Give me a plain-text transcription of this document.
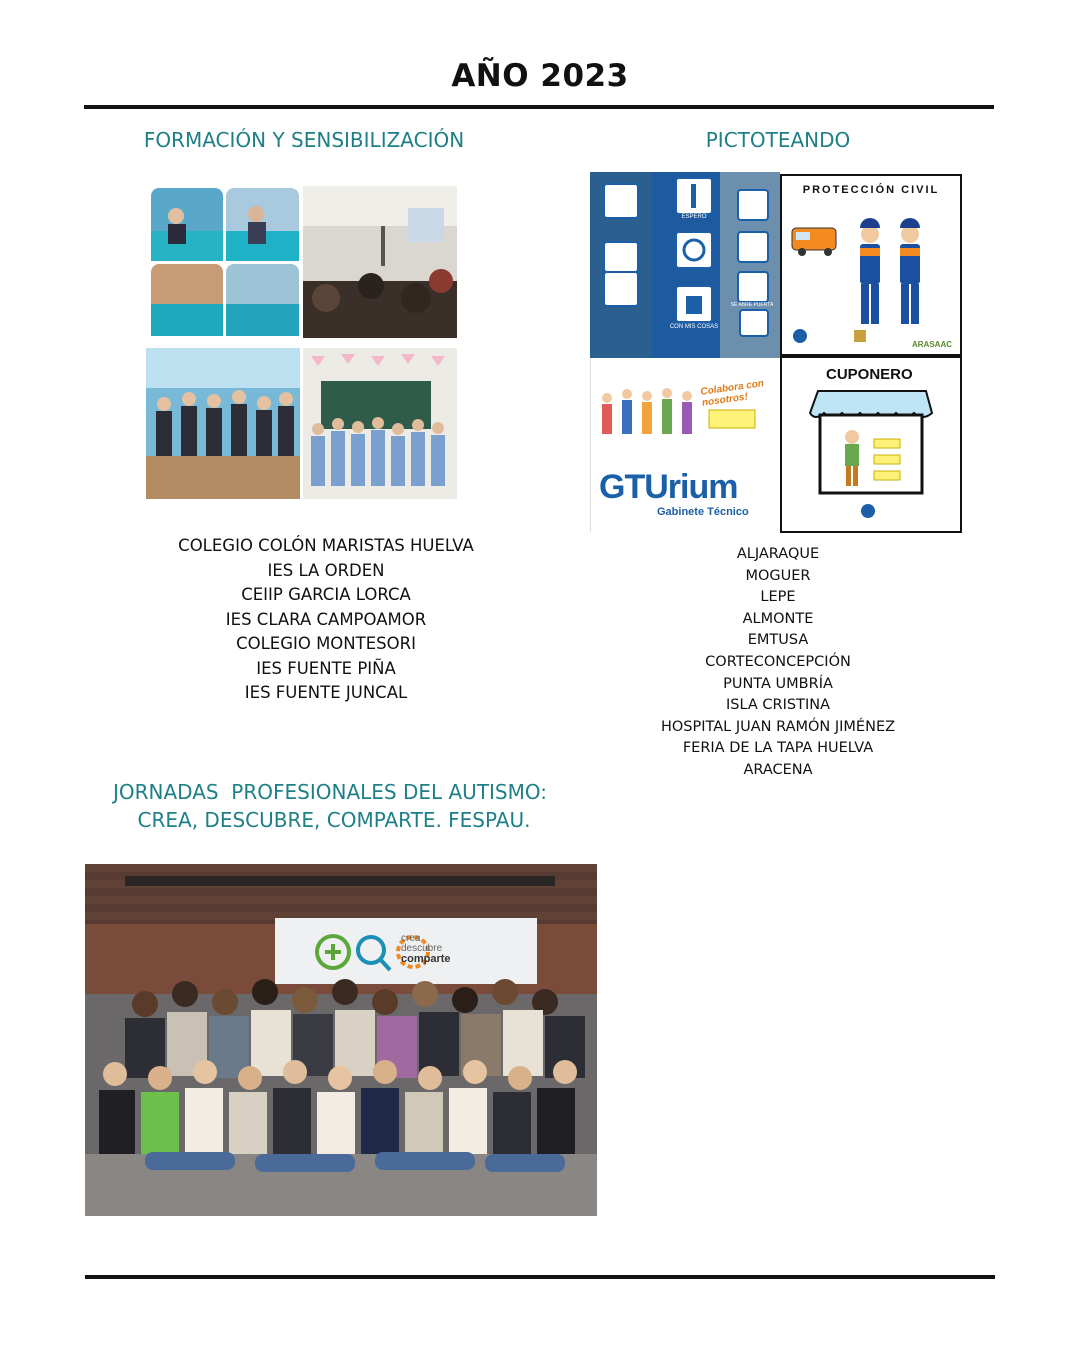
AÑO 2023
FORMACIÓN Y SENSIBILIZACIÓN
COLEGIO COLÓN MARISTAS HUELVA
IES LA ORDEN
CEIIP GARCIA LORCA
IES CLARA CAMPOAMOR
COLEGIO MONTESORI
IES FUENTE PIÑA
IES FUENTE JUNCAL
PICTOTEANDO
ESPERO
CON MIS COSAS
SE ABRE PUERTA
PROTECCIÓN CIVIL
ARASAAC
Colabora con nosotros!
GTUrium
Gabinete Técnico
CUPONERO
ALJARAQUE
MOGUER
LEPE
ALMONTE
EMTUSA
CORTECONCEPCIÓN
PUNTA UMBRÍA
ISLA CRISTINA
HOSPITAL JUAN RAMÓN JIMÉNEZ
FERIA DE LA TAPA HUELVA
ARACENA
JORNADAS  PROFESIONALES DEL AUTISMO:
CREA, DESCUBRE, COMPARTE. FESPAU.
crea
descubre
comparte
